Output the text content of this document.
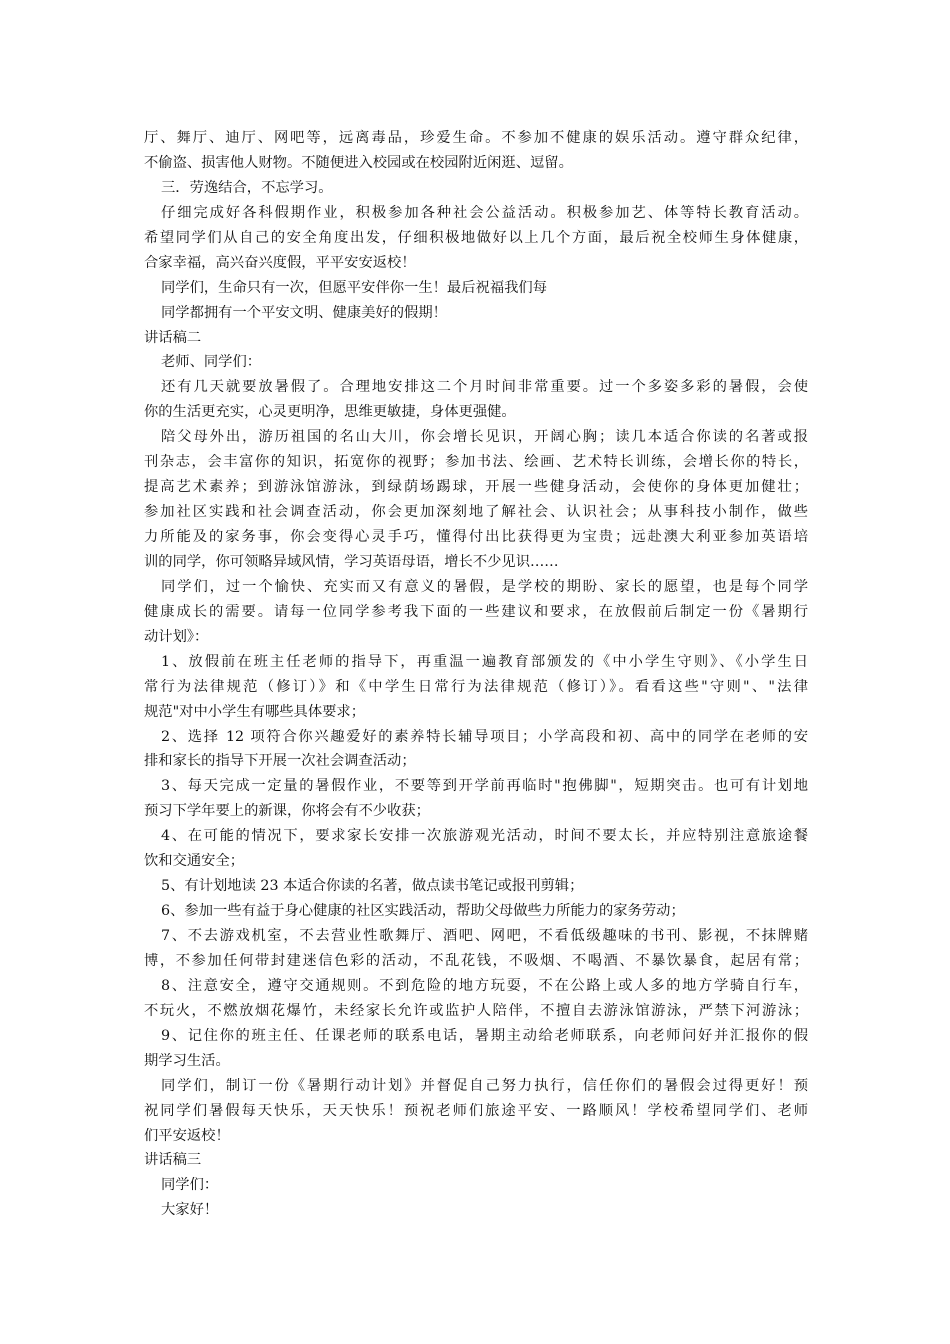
厅、舞厅、迪厅、网吧等，远离毒品，珍爱生命。不参加不健康的娱乐活动。遵守群众纪律，
不偷盗、损害他人财物。不随便进入校园或在校园附近闲逛、逗留。
三．劳逸结合，不忘学习。
仔细完成好各科假期作业，积极参加各种社会公益活动。积极参加艺、体等特长教育活动。
希望同学们从自己的安全角度出发，仔细积极地做好以上几个方面，最后祝全校师生身体健康，
合家幸福，高兴奋兴度假，平平安安返校！
同学们，生命只有一次，但愿平安伴你一生！最后祝福我们每
同学都拥有一个平安文明、健康美好的假期！
讲话稿二
老师、同学们：
还有几天就要放暑假了。合理地安排这二个月时间非常重要。过一个多姿多彩的暑假，会使
你的生活更充实，心灵更明净，思维更敏捷，身体更强健。
陪父母外出，游历祖国的名山大川，你会增长见识，开阔心胸；读几本适合你读的名著或报
刊杂志，会丰富你的知识，拓宽你的视野；参加书法、绘画、艺术特长训练，会增长你的特长，
提高艺术素养；到游泳馆游泳，到绿荫场踢球，开展一些健身活动，会使你的身体更加健壮；
参加社区实践和社会调查活动，你会更加深刻地了解社会、认识社会；从事科技小制作，做些
力所能及的家务事，你会变得心灵手巧，懂得付出比获得更为宝贵；远赴澳大利亚参加英语培
训的同学，你可领略异域风情，学习英语母语，增长不少见识……
同学们，过一个愉快、充实而又有意义的暑假，是学校的期盼、家长的愿望，也是每个同学
健康成长的需要。请每一位同学参考我下面的一些建议和要求，在放假前后制定一份《暑期行
动计划》：
1、放假前在班主任老师的指导下，再重温一遍教育部颁发的《中小学生守则》、《小学生日
常行为法律规范（修订）》和《中学生日常行为法律规范（修订）》。看看这些"守则"、"法律
规范"对中小学生有哪些具体要求；
2、选择 12 项符合你兴趣爱好的素养特长辅导项目；小学高段和初、高中的同学在老师的安
排和家长的指导下开展一次社会调查活动；
3、每天完成一定量的暑假作业，不要等到开学前再临时"抱佛脚"，短期突击。也可有计划地
预习下学年要上的新课，你将会有不少收获；
4、在可能的情况下，要求家长安排一次旅游观光活动，时间不要太长，并应特别注意旅途餐
饮和交通安全；
5、有计划地读 23 本适合你读的名著，做点读书笔记或报刊剪辑；
6、参加一些有益于身心健康的社区实践活动，帮助父母做些力所能力的家务劳动；
7、不去游戏机室，不去营业性歌舞厅、酒吧、网吧，不看低级趣味的书刊、影视，不抹牌赌
博，不参加任何带封建迷信色彩的活动，不乱花钱，不吸烟、不喝酒、不暴饮暴食，起居有常；
8、注意安全，遵守交通规则。不到危险的地方玩耍，不在公路上或人多的地方学骑自行车，
不玩火，不燃放烟花爆竹，未经家长允许或监护人陪伴，不擅自去游泳馆游泳，严禁下河游泳；
9、记住你的班主任、任课老师的联系电话，暑期主动给老师联系，向老师问好并汇报你的假
期学习生活。
同学们，制订一份《暑期行动计划》并督促自己努力执行，信任你们的暑假会过得更好！预
祝同学们暑假每天快乐，天天快乐！预祝老师们旅途平安、一路顺风！学校希望同学们、老师
们平安返校！
讲话稿三
同学们：
大家好！
